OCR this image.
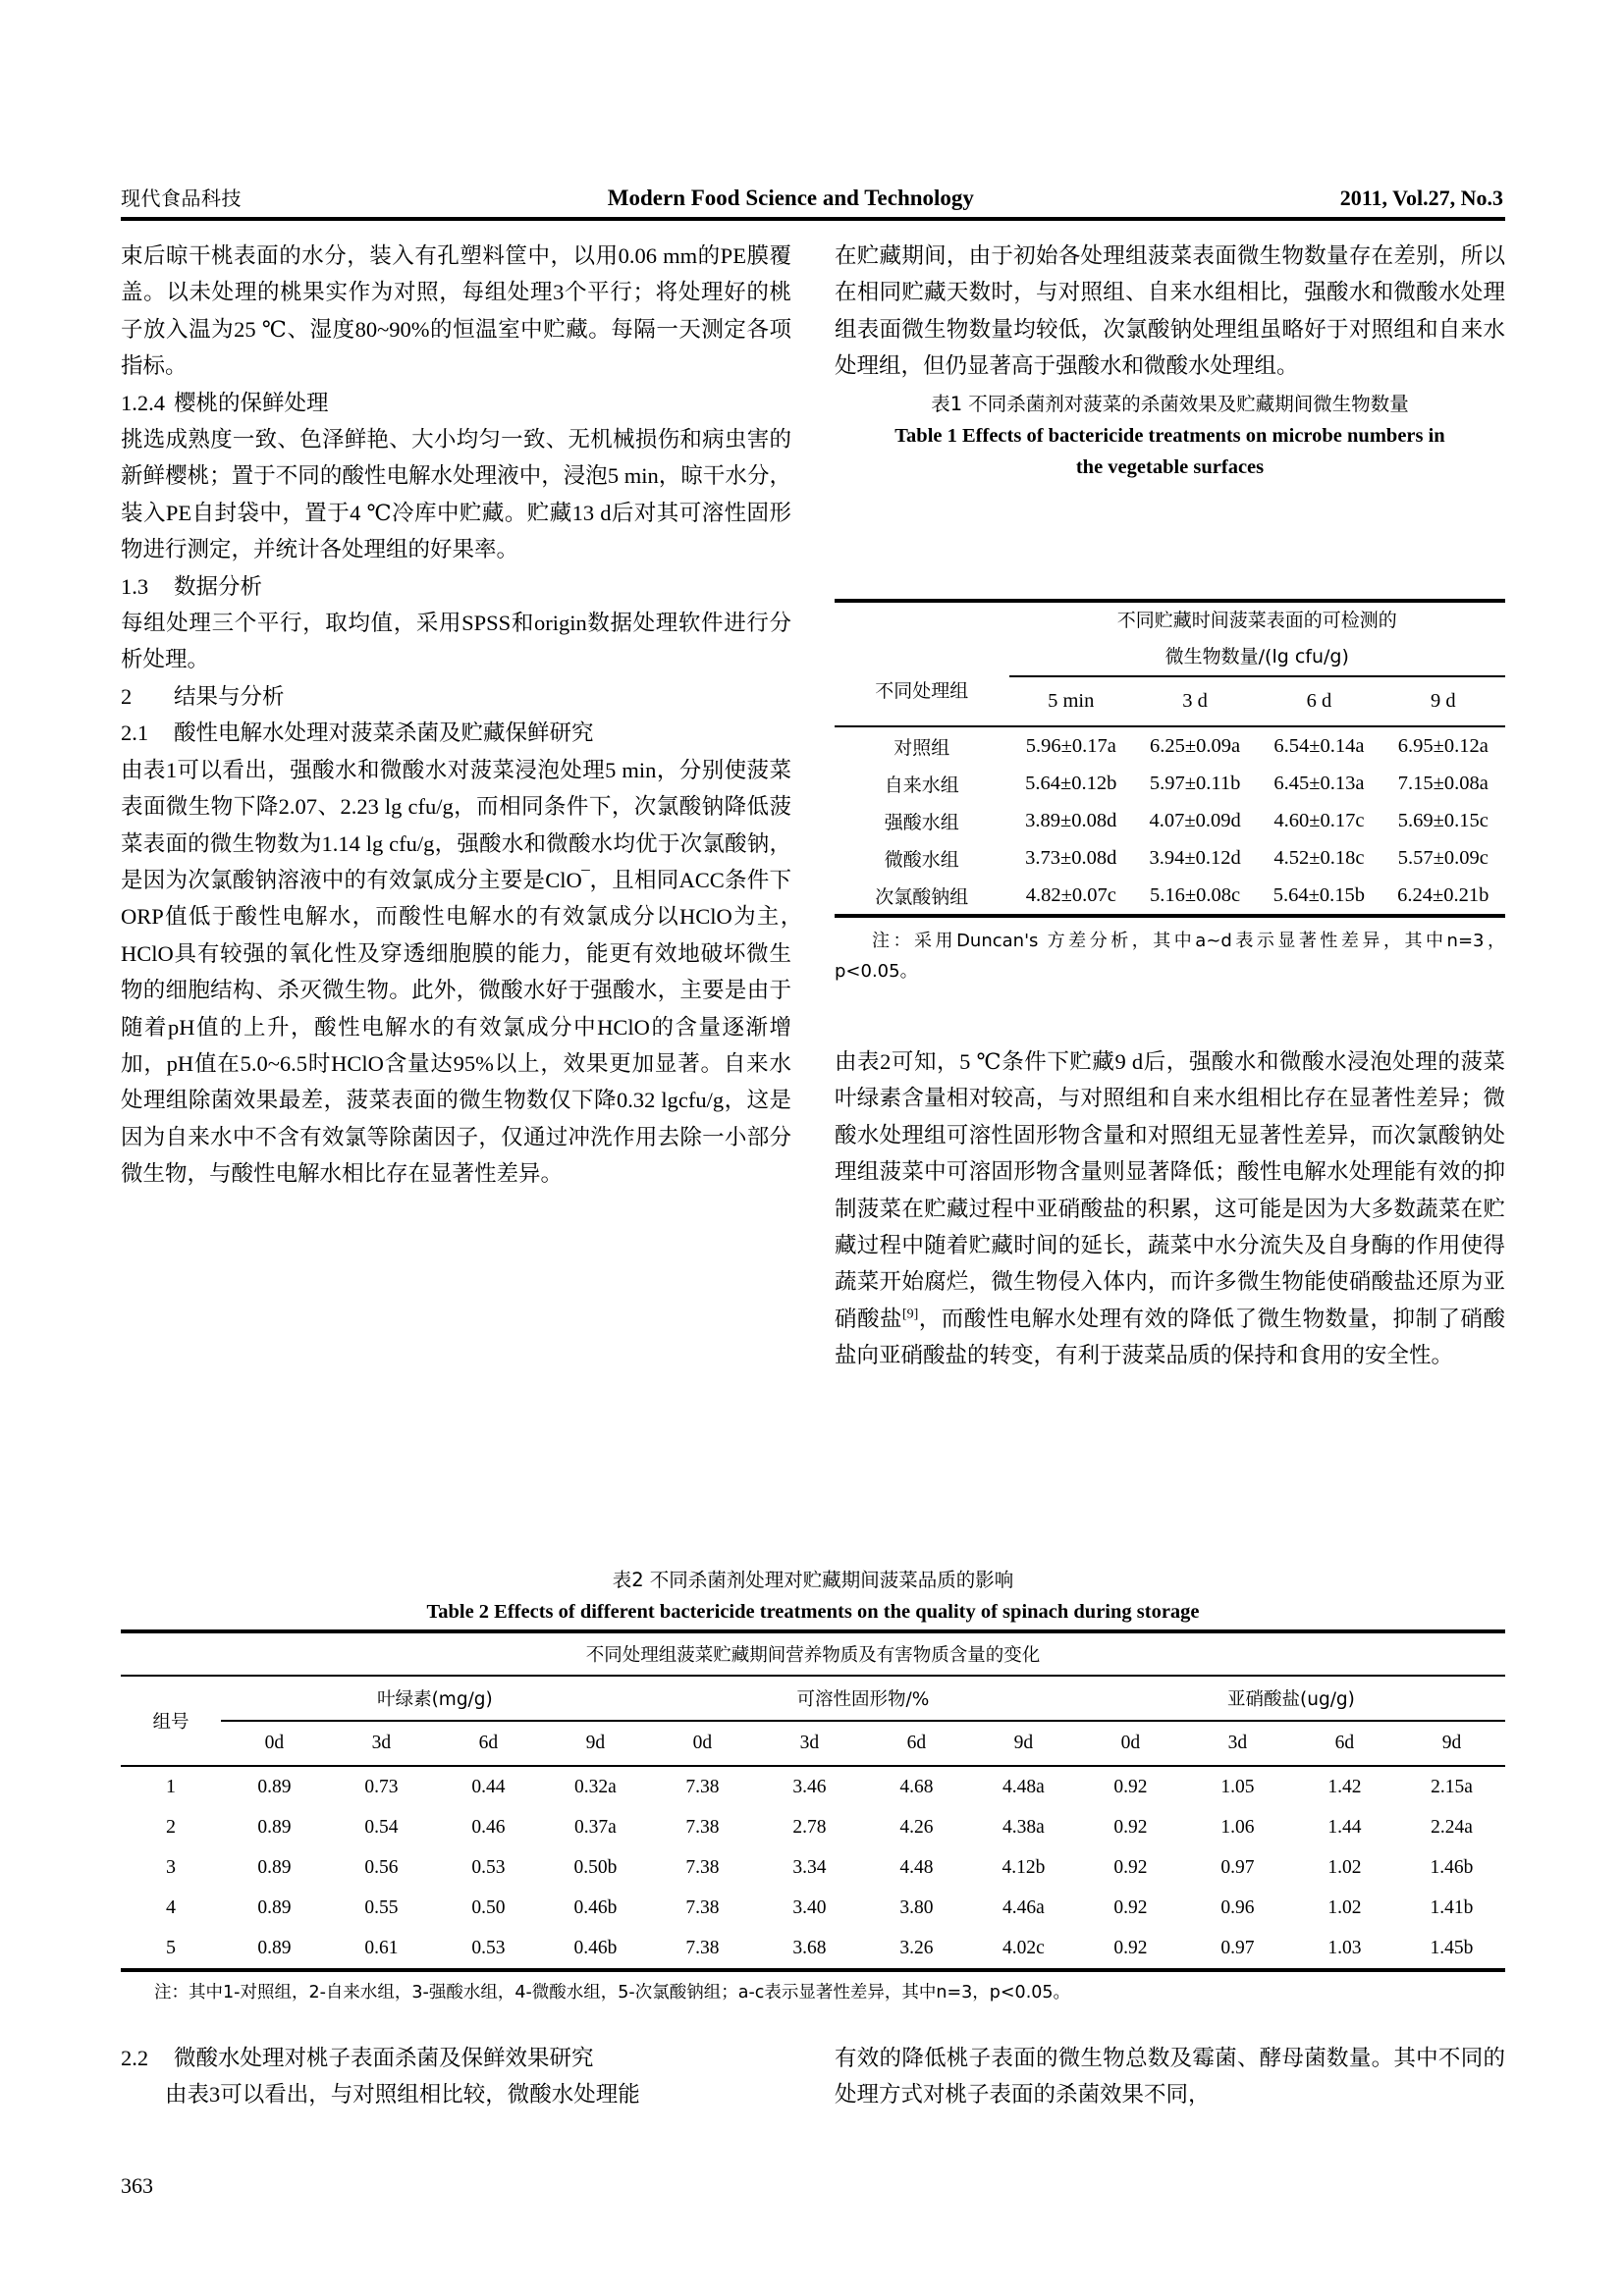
现代食品科技	Modern Food Science and Technology	2011, Vol.27, No.3

束后晾干桃表面的水分，装入有孔塑料筐中，以用0.06 mm的PE膜覆盖。以未处理的桃果实作为对照，每组处理3个平行；将处理好的桃子放入温为25 ℃、湿度80~90%的恒温室中贮藏。每隔一天测定各项指标。

1.2.4 樱桃的保鲜处理

挑选成熟度一致、色泽鲜艳、大小均匀一致、无机械损伤和病虫害的新鲜樱桃；置于不同的酸性电解水处理液中，浸泡5 min，晾干水分，装入PE自封袋中，置于4 ℃冷库中贮藏。贮藏13 d后对其可溶性固形物进行测定，并统计各处理组的好果率。

1.3 数据分析

每组处理三个平行，取均值，采用SPSS和origin数据处理软件进行分析处理。

2 结果与分析

2.1 酸性电解水处理对菠菜杀菌及贮藏保鲜研究

由表1可以看出，强酸水和微酸水对菠菜浸泡处理5 min，分别使菠菜表面微生物下降2.07、2.23 lg cfu/g，而相同条件下，次氯酸钠降低菠菜表面的微生物数为1.14 lg cfu/g，强酸水和微酸水均优于次氯酸钠，是因为次氯酸钠溶液中的有效氯成分主要是ClO‾，且相同ACC条件下ORP值低于酸性电解水，而酸性电解水的有效氯成分以HClO为主，　HClO具有较强的氧化性及穿透细胞膜的能力，能更有效地破坏微生物的细胞结构、杀灭微生物。此外，微酸水好于强酸水，主要是由于随着pH值的上升，酸性电解水的有效氯成分中HClO的含量逐渐增加，pH值在5.0~6.5时HClO含量达95%以上，效果更加显著。自来水处理组除菌效果最差，菠菜表面的微生物数仅下降0.32 lgcfu/g，这是因为自来水中不含有效氯等除菌因子，仅通过冲洗作用去除一小部分微生物，与酸性电解水相比存在显著性差异。

在贮藏期间，由于初始各处理组菠菜表面微生物数量存在差别，所以在相同贮藏天数时，与对照组、自来水组相比，强酸水和微酸水处理组表面微生物数量均较低，次氯酸钠处理组虽略好于对照组和自来水处理组，但仍显著高于强酸水和微酸水处理组。

表1 不同杀菌剂对菠菜的杀菌效果及贮藏期间微生物数量

Table 1 Effects of bactericide treatments on microbe numbers in

the vegetable surfaces

	不同贮藏时间菠菜表面的可检测的			
	微生物数量/(lg cfu/g)			
不同处理组	5 min	3 d	6 d	9 d
对照组	5.96±0.17a	6.25±0.09a	6.54±0.14a	6.95±0.12a
自来水组	5.64±0.12b	5.97±0.11b	6.45±0.13a	7.15±0.08a
强酸水组	3.89±0.08d	4.07±0.09d	4.60±0.17c	5.69±0.15c
微酸水组	3.73±0.08d	3.94±0.12d	4.52±0.18c	5.57±0.09c
次氯酸钠组	4.82±0.07c	5.16±0.08c	5.64±0.15b	6.24±0.21b

注：采用Duncan's 方差分析，其中a~d表示显著性差异，其中n=3，p<0.05。

由表2可知，5 ℃条件下贮藏9 d后，强酸水和微酸水浸泡处理的菠菜叶绿素含量相对较高，与对照组和自来水组相比存在显著性差异；微酸水处理组可溶性固形物含量和对照组无显著性差异，而次氯酸钠处理组菠菜中可溶固形物含量则显著降低；酸性电解水处理能有效的抑制菠菜在贮藏过程中亚硝酸盐的积累，这可能是因为大多数蔬菜在贮藏过程中随着贮藏时间的延长，蔬菜中水分流失及自身酶的作用使得蔬菜开始腐烂，微生物侵入体内，而许多微生物能使硝酸盐还原为亚硝酸盐[9]，而酸性电解水处理有效的降低了微生物数量，抑制了硝酸盐向亚硝酸盐的转变，有利于菠菜品质的保持和食用的安全性。

表2 不同杀菌剂处理对贮藏期间菠菜品质的影响

Table 2 Effects of different bactericide treatments on the quality of spinach during storage

不同处理组菠菜贮藏期间营养物质及有害物质含量的变化												
组号	叶绿素(mg/g)				可溶性固形物/%				亚硝酸盐(ug/g)			
	0d	3d	6d	9d	0d	3d	6d	9d	0d	3d	6d	9d
1	0.89	0.73	0.44	0.32a	7.38	3.46	4.68	4.48a	0.92	1.05	1.42	2.15a
2	0.89	0.54	0.46	0.37a	7.38	2.78	4.26	4.38a	0.92	1.06	1.44	2.24a
3	0.89	0.56	0.53	0.50b	7.38	3.34	4.48	4.12b	0.92	0.97	1.02	1.46b
4	0.89	0.55	0.50	0.46b	7.38	3.40	3.80	4.46a	0.92	0.96	1.02	1.41b
5	0.89	0.61	0.53	0.46b	7.38	3.68	3.26	4.02c	0.92	0.97	1.03	1.45b

注：其中1-对照组，2-自来水组，3-强酸水组，4-微酸水组，5-次氯酸钠组；a-c表示显著性差异，其中n=3，p<0.05。

2.2 微酸水处理对桃子表面杀菌及保鲜效果研究

由表3可以看出，与对照组相比较，微酸水处理能

有效的降低桃子表面的微生物总数及霉菌、酵母菌数量。其中不同的处理方式对桃子表面的杀菌效果不同，

363
